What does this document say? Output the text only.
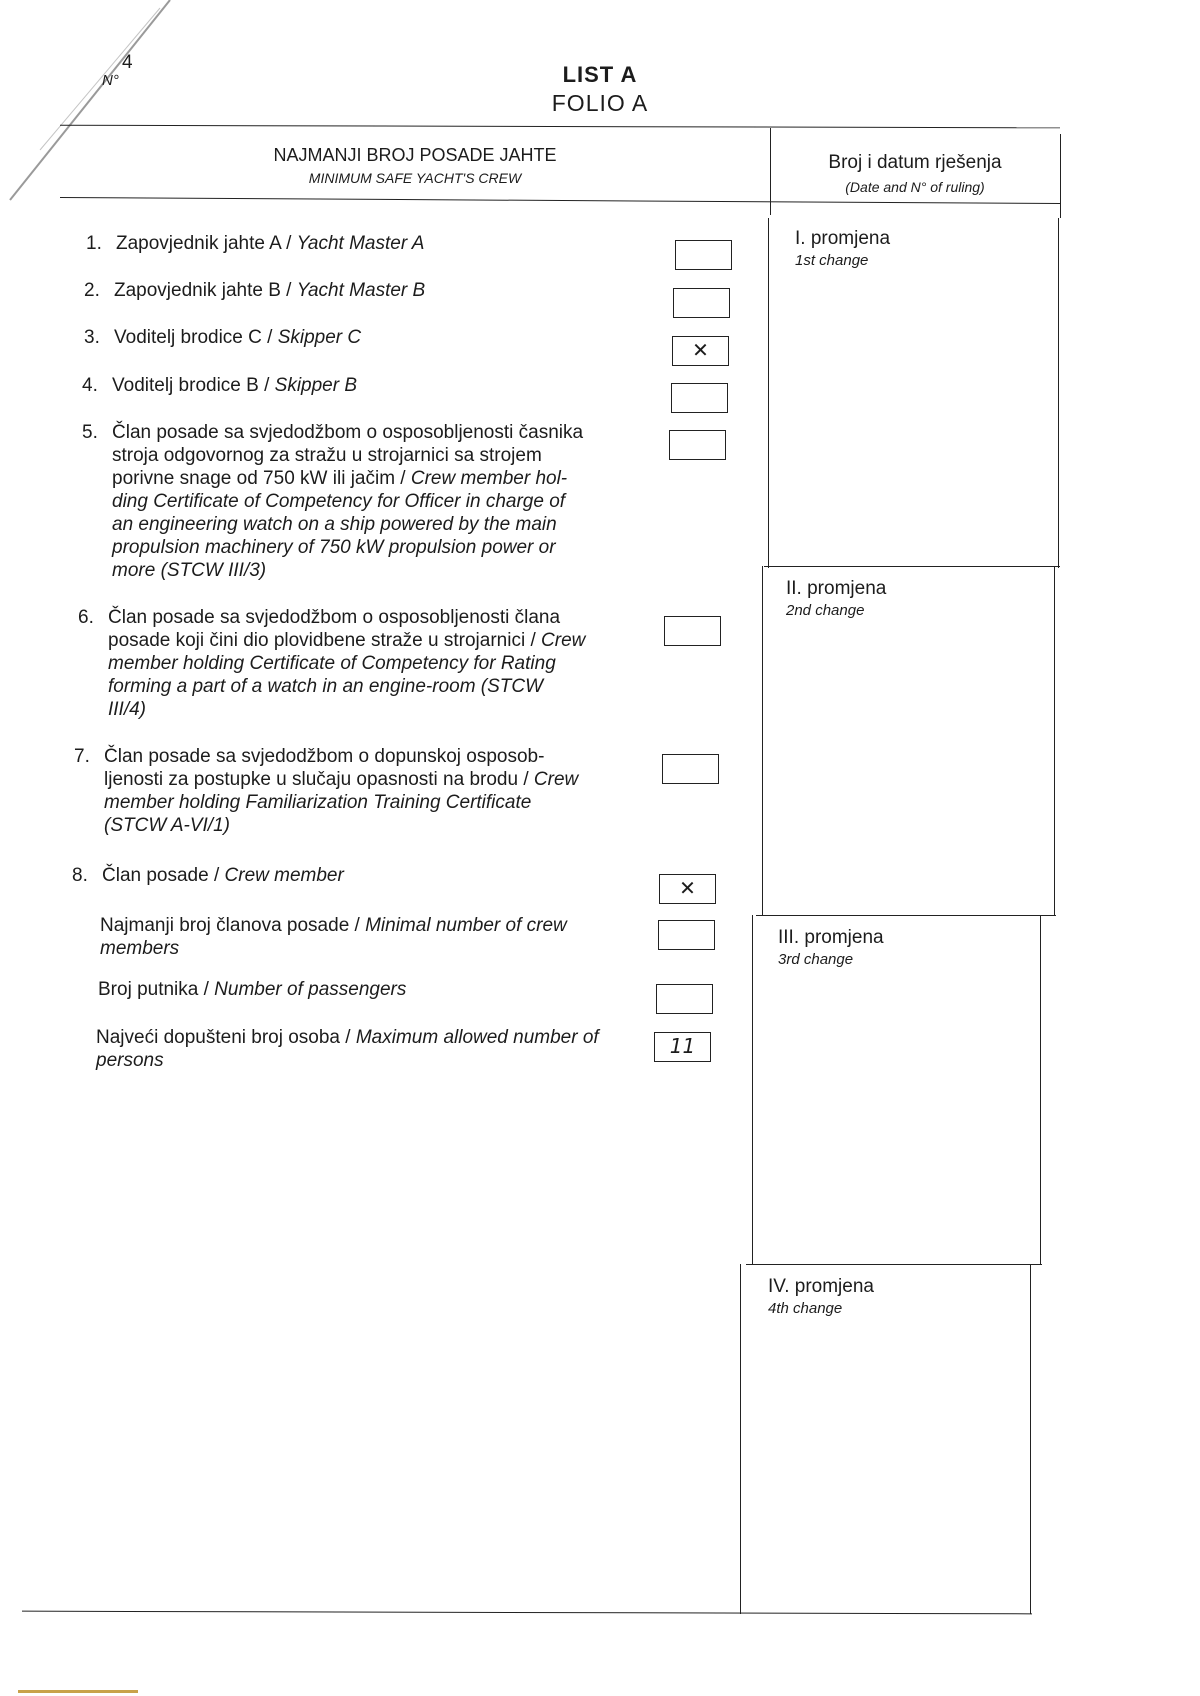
4
N°	LIST A
FOLIO A
NAJMANJI BROJ POSADE JAHTE
MINIMUM SAFE YACHT'S CREW
Broj i datum rješenja
(Date and N° of ruling)
1. Zapovjednik jahte A / Yacht Master A
2. Zapovjednik jahte B / Yacht Master B
3. Voditelj brodice C / Skipper C
✕
4. Voditelj brodice B / Skipper B
5. Član posade sa svjedodžbom o osposobljenosti časnika
stroja odgovornog za stražu u strojarnici sa strojem
porivne snage od 750 kW ili jačim / Crew member hol-
ding Certificate of Competency for Officer in charge of
an engineering watch on a ship powered by the main
propulsion machinery of 750 kW propulsion power or
more (STCW III/3)
6. Član posade sa svjedodžbom o osposobljenosti člana
posade koji čini dio plovidbene straže u strojarnici / Crew
member holding Certificate of Competency for Rating
forming a part of a watch in an engine-room (STCW
III/4)
7. Član posade sa svjedodžbom o dopunskoj osposob-
ljenosti za postupke u slučaju opasnosti na brodu / Crew
member holding Familiarization Training Certificate
(STCW A-VI/1)
8. Član posade / Crew member
✕
Najmanji broj članova posade / Minimal number of crew members
Broj putnika / Number of passengers
Najveći dopušteni broj osoba / Maximum allowed number of persons
11
I. promjena
1st change
II. promjena
2nd change
III. promjena
3rd change
IV. promjena
4th change
